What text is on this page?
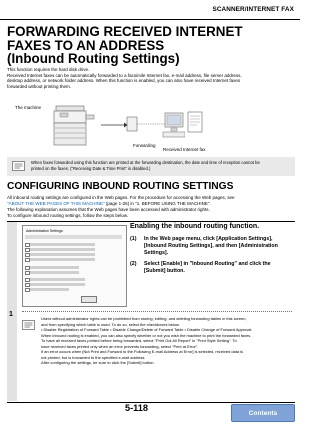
SCANNER/INTERNET FAX
FORWARDING RECEIVED INTERNET
FAXES TO AN ADDRESS
(Inbound Routing Settings)

This function requires the hard disk drive.

Received Internet faxes can be automatically forwarded to a facsimile Internet fax, e-mail address, file server address,

desktop address, or network folder address. When this function is enabled, you can also have received Internet faxes

forwarded without printing them.

The machine
Forwarding
Received Internet fax
When faxes forwarded using this function are printed at the forwarding destination, the date and time of reception cannot be
printed on the faxes. ("Receiving Date & Time Print" is disabled.)
CONFIGURING INBOUND ROUTING SETTINGS

All inbound routing settings are configured in the Web pages. For the procedure for accessing the Web pages, see

"ABOUT THE WEB PAGES OF THIS MACHINE" (page 1-26) in "1. BEFORE USING THE MACHINE".

The following explanation assumes that the Web pages have been accessed with administrator rights.

To configure inbound routing settings, follow the steps below.

1
Administration Settings
Enabling the inbound routing function.
(1)	In the Web page menu, click [Application Settings], [Inbound Routing Settings], and then [Administration Settings].
(2)	Select [Enable] in "Inbound Routing" and click the [Submit] button.

Users without administrator rights can be prohibited from storing, editing, and deleting forwarding tables in this screen,

and from specifying which table is used. To do so, select the checkboxes below.

• Disable Registration of Forward Table • Disable Change/Delete of Forward Table • Disable Change of Forward Approval

When inbound routing is enabled, you can also specify whether or not you wish the machine to print the forwarded faxes.

To have all received faxes printed before being forwarded, select "Print Out All Report" in "Print Style Setting". To

have received faxes printed only when an error prevents forwarding, select "Print at Error".

If an error occurs when [Not Print and Forward to the Following E-mail Address at Error] is selected, received data is

not printed, but is forwarded to the specified e-mail address.

After configuring the settings, be sure to click the [Submit] button.

5-118	Contents
